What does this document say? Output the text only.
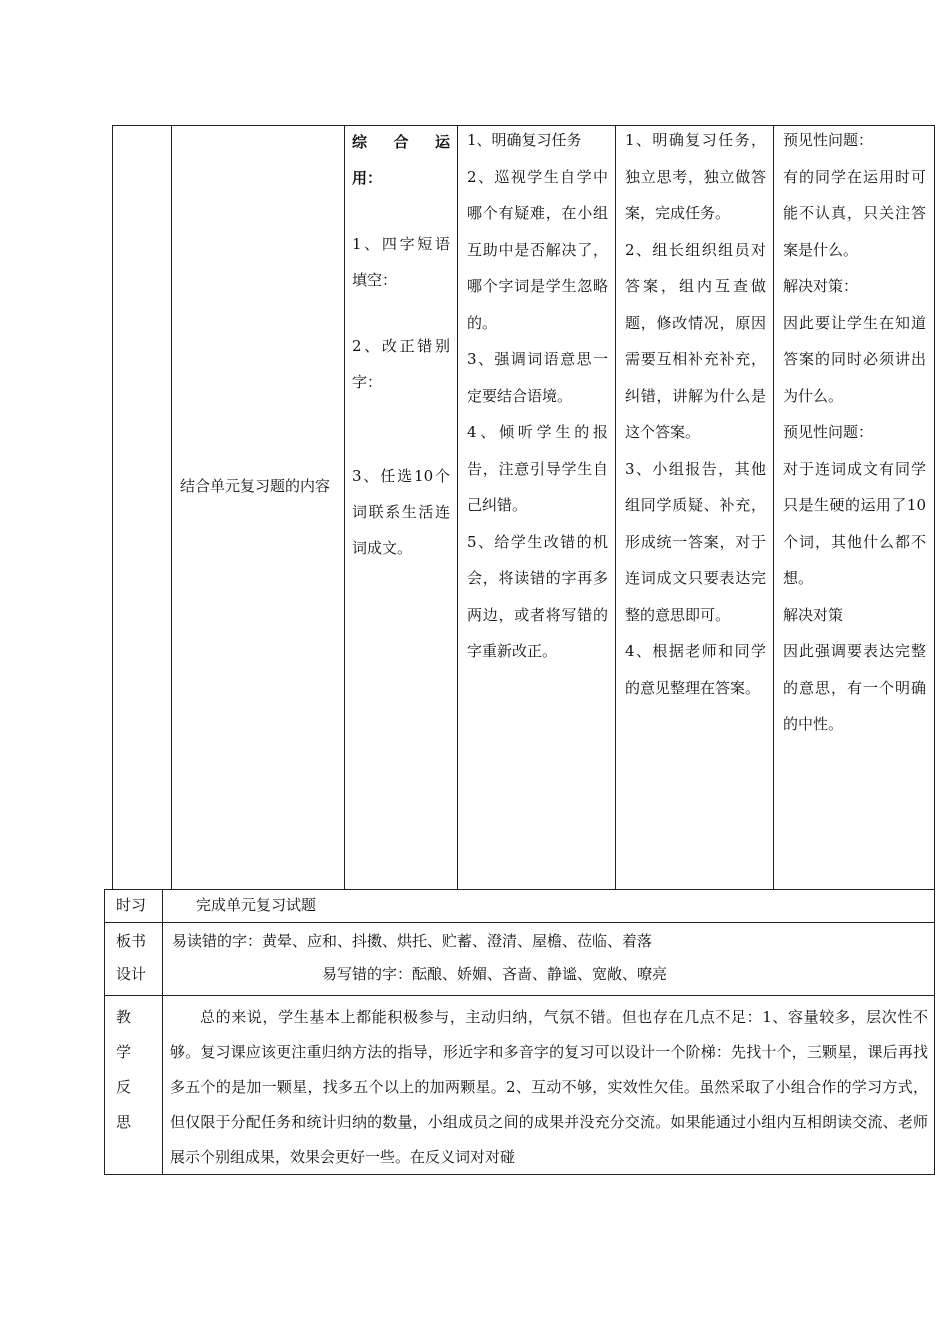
结合单元复习题的内容

综 合 运

用：

1、四字短语填空：

2、改正错别字：

3、任选10个词联系生活连词成文。

1、明确复习任务

2、巡视学生自学中哪个有疑难，在小组互助中是否解决了，哪个字词是学生忽略的。

3、强调词语意思一定要结合语境。

4、倾听学生的报告，注意引导学生自己纠错。

5、给学生改错的机会，将读错的字再多两边，或者将写错的字重新改正。

1、明确复习任务，独立思考，独立做答案，完成任务。

2、组长组织组员对答案，组内互查做题，修改情况，原因需要互相补充补充，纠错，讲解为什么是这个答案。

3、小组报告，其他组同学质疑、补充，形成统一答案，对于连词成文只要表达完整的意思即可。

4、根据老师和同学的意见整理在答案。

预见性问题：

有的同学在运用时可能不认真，只关注答案是什么。

解决对策：

因此要让学生在知道答案的同时必须讲出为什么。

预见性问题：

对于连词成文有同学只是生硬的运用了10个词，其他什么都不想。

解决对策

因此强调要表达完整的意思，有一个明确的中性。

时习	完成单元复习试题
板书
设计
易读错的字：黄晕、应和、抖擞、烘托、贮蓄、澄清、屋檐、莅临、着落
易写错的字：酝酿、娇媚、吝啬、静谧、宽敞、嘹亮

教

学

反

思

总的来说，学生基本上都能积极参与，主动归纳，气氛不错。但也存在几点不足：1、容量较多，层次性不够。复习课应该更注重归纳方法的指导，形近字和多音字的复习可以设计一个阶梯：先找十个，三颗星，课后再找多五个的是加一颗星，找多五个以上的加两颗星。2、互动不够，实效性欠佳。虽然采取了小组合作的学习方式，但仅限于分配任务和统计归纳的数量，小组成员之间的成果并没充分交流。如果能通过小组内互相朗读交流、老师展示个别组成果，效果会更好一些。在反义词对对碰
